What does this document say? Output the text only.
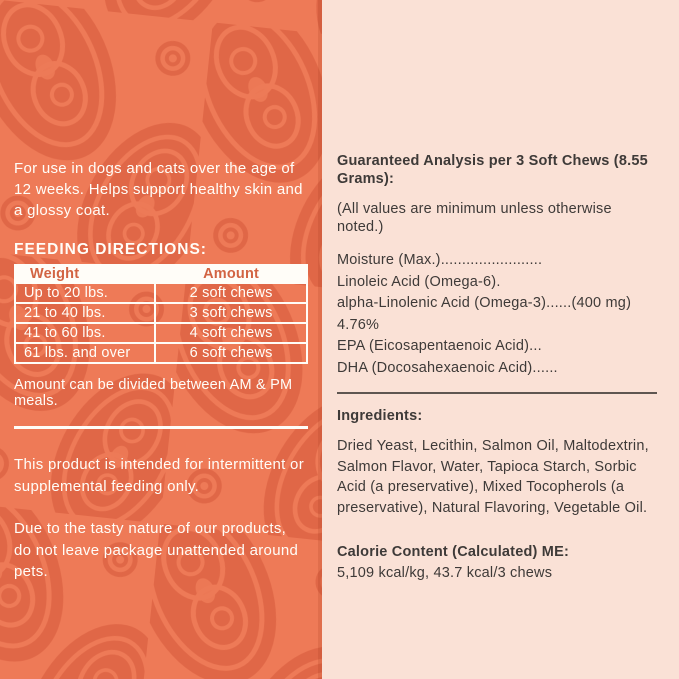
For use in dogs and cats over the age of 12 weeks. Helps support healthy skin and a glossy coat.

FEEDING DIRECTIONS:
Weight	Amount
Up to 20 lbs.	2 soft chews
21 to 40 lbs.	3 soft chews
41 to 60 lbs.	4 soft chews
61 lbs. and over	6 soft chews

Amount can be divided between AM & PM meals.

This product is intended for intermittent or supplemental feeding only.

Due to the tasty nature of our products, do not leave package unattended around pets.

Guaranteed Analysis per 3 Soft Chews (8.55 Grams):

(All values are minimum unless otherwise noted.)

Moisture (Max.)........................
Linoleic Acid (Omega-6).
alpha-Linolenic Acid (Omega-3)......(400 mg) 4.76%
EPA (Eicosapentaenoic Acid)...
DHA (Docosahexaenoic Acid)......
Ingredients:

Dried Yeast, Lecithin, Salmon Oil, Maltodextrin, Salmon Flavor, Water, Tapioca Starch, Sorbic Acid (a preservative), Mixed Tocopherols (a preservative), Natural Flavoring, Vegetable Oil.

Calorie Content (Calculated) ME:

5,109 kcal/kg, 43.7 kcal/3 chews
